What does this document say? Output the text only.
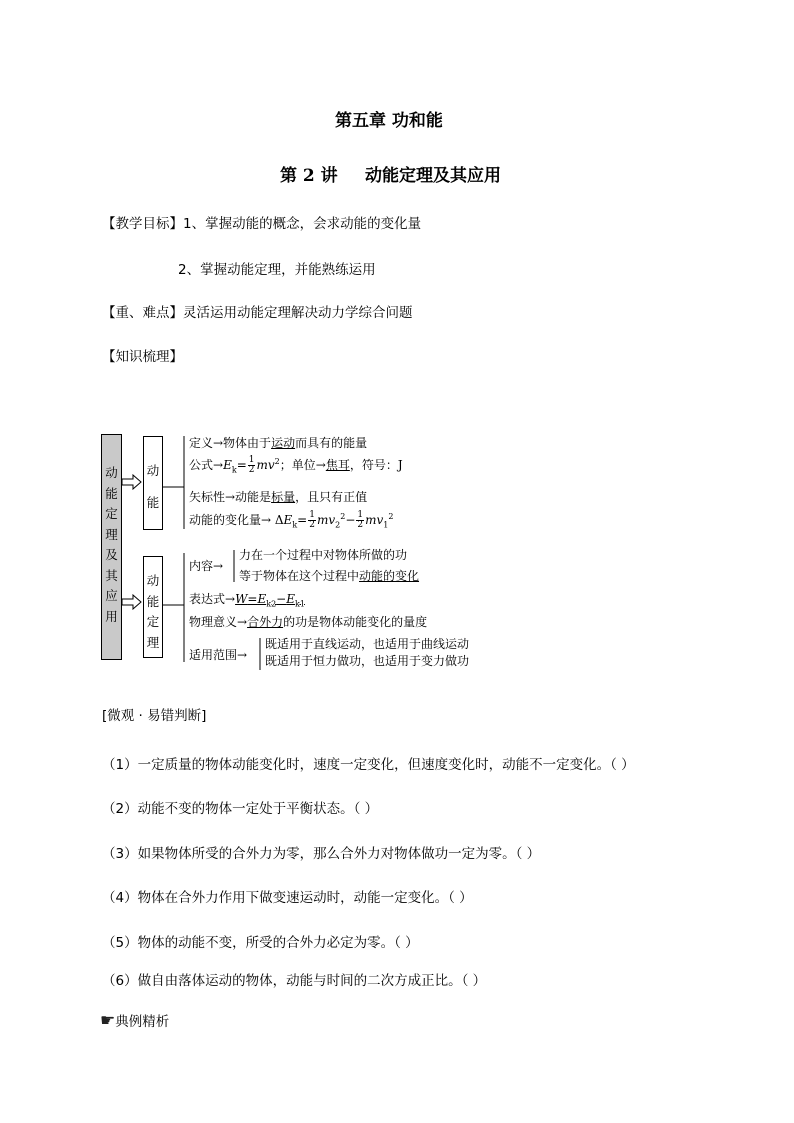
第五章 功和能
第 2 讲 动能定理及其应用
【教学目标】1、掌握动能的概念，会求动能的变化量
2、掌握动能定理，并能熟练运用
【重、难点】灵活运用动能定理解决动力学综合问题
【知识梳理】
动
能
定
理
及
其
应
用
动
能
动
能
定
理
定义→物体由于运动而具有的能量
公式$\to E_k= \frac{1}{2} mv^2$；单位→焦耳，符号：J
矢标性→动能是标量，且只有正值
动能的变化量→ $\Delta E_k= \frac{1}{2} mv_2^2- \frac{1}{2} mv_1^2$
内容→
力在一个过程中对物体所做的功
等于物体在这个过程中动能的变化
表达式$\to W=E_{k2}-E_{k1}$
物理意义→合外力的功是物体动能变化的量度
适用范围→
既适用于直线运动，也适用于曲线运动
既适用于恒力做功，也适用于变力做功
[微观 · 易错判断]
（1）一定质量的物体动能变化时，速度一定变化，但速度变化时，动能不一定变化。（ ）
（2）动能不变的物体一定处于平衡状态。（ ）
（3）如果物体所受的合外力为零，那么合外力对物体做功一定为零。（ ）
（4）物体在合外力作用下做变速运动时，动能一定变化。（ ）
（5）物体的动能不变，所受的合外力必定为零。（ ）
（6）做自由落体运动的物体，动能与时间的二次方成正比。（ ）
☛典例精析
